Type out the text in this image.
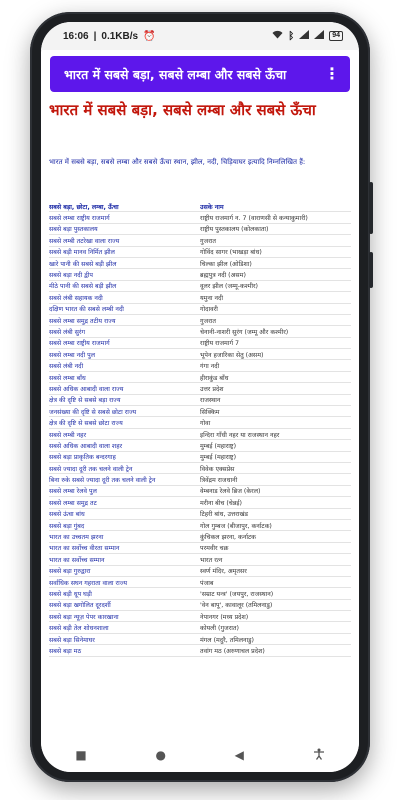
16:06 | 0.1KB/s ⏰	ᛒ	94
भारत में सबसे बड़ा, सबसे लम्बा और सबसे ऊँचा ⋮
भारत में सबसे बड़ा, सबसे लम्बा और सबसे ऊँचा
भारत में सबसे बड़ा, सबसे लम्बा और सबसे ऊँचा स्थान, झील, नदी, चिड़ियाघर इत्यादि निम्नलिखित हैं:
सबसे बड़ा, छोटा, लम्बा, ऊँचा	उसके नाम
सबसे लम्बा राष्ट्रीय राजमार्ग	राष्ट्रीय राजमार्ग न. 7 (वाराणसी से कन्याकुमारी)
सबसे बड़ा पुस्तकालय	राष्ट्रीय पुस्तकालय (कोलकाता)
सबसे लम्बी तटरेखा वाला राज्य	गुजरात
सबसे बड़ी मानव निर्मित झील	गोविंद सागर (भाखड़ा बांध)
खारे पानी की सबसे बड़ी झील	चिल्का झील (ओडिशा)
सबसे बड़ा नदी द्वीप	ब्रह्मपुत्र नदी (असम)
मीठे पानी की सबसे बड़ी झील	वूलर झील (जम्मू-कश्मीर)
सबसे लंबी सहायक नदी	यमुना नदी
दक्षिण भारत की सबसे लम्बी नदी	गोदावरी
सबसे लम्बा समुद्र तटीय राज्य	गुजरात
सबसे लंबी सुरंग	चेनानी-नाशरी सुरंग (जम्मू और कश्मीर)
सबसे लम्बा राष्ट्रीय राजमार्ग	राष्ट्रीय राजमार्ग 7
सबसे लम्बा नदी पुल	भूपेन हजारिका सेतु (असम)
सबसे लंबी नदी	गंगा नदी
सबसे लम्बा बाँध	हीराकुंड बाँध
सबसे अधिक आबादी वाला राज्य	उत्तर प्रदेश
क्षेत्र की दृष्टि से सबसे बड़ा राज्य	राजस्थान
जनसंख्या की दृष्टि से सबसे छोटा राज्य	सिक्किम
क्षेत्र की दृष्टि से सबसे छोटा राज्य	गोवा
सबसे लम्बी नहर	इन्दिरा गाँधी नहर या राजस्थान नहर
सबसे अधिक आबादी वाला शहर	मुम्बई (महाराष्ट्र)
सबसे बड़ा प्राकृतिक बन्दरगाह	मुम्बई (महाराष्ट्र)
सबसे ज्यादा दूरी तक चलने वाली ट्रेन	विवेक एक्सप्रेस
बिना रुके सबसे ज्यादा दूरी तक चलने वाली ट्रेन	त्रिवेंद्रम राजधानी
सबसे लम्बा रेलवे पुल	वेम्बनाड रेलवे ब्रिज (केरल)
सबसे लम्बा समुद्र तट	मरीना बीच (चेन्नई)
सबसे ऊंचा बांध	टिहरी बांध, उत्तराखंड
सबसे बड़ा गुंबद	गोल गुम्बज (बीजापुर, कर्नाटक)
भारत का उच्चतम झरना	कुंचिकल झरना, कर्नाटक
भारत का सर्वोच्च वीरता सम्मान	परमवीर चक्र
भारत का सर्वोच्च सम्मान	भारत रत्न
सबसे बड़ा गुरुद्वारा	स्वर्ण मंदिर, अमृतसर
सर्वाधिक सघन गहराता वाला राज्य	पंजाब
सबसे बड़ी धूप घड़ी	'सम्राट यन्त्र' (जयपुर, राजस्थान)
सबसे बड़ा खगोलित दूरदर्शी	'वेन बापू', कावालूर (तमिलनाडु)
सबसे बड़ा न्यूज़ पेपर कारखाना	नेपानगर (मध्य प्रदेश)
सबसे बड़ी तेल शोधनशाला	कोयली (गुजरात)
सबसे बड़ा सिनेमाघर	मंगल (मदुरै, तमिलनाडु)
सबसे बड़ा मठ	तवांग मठ (अरुणाचल प्रदेश)
■	●	◀
